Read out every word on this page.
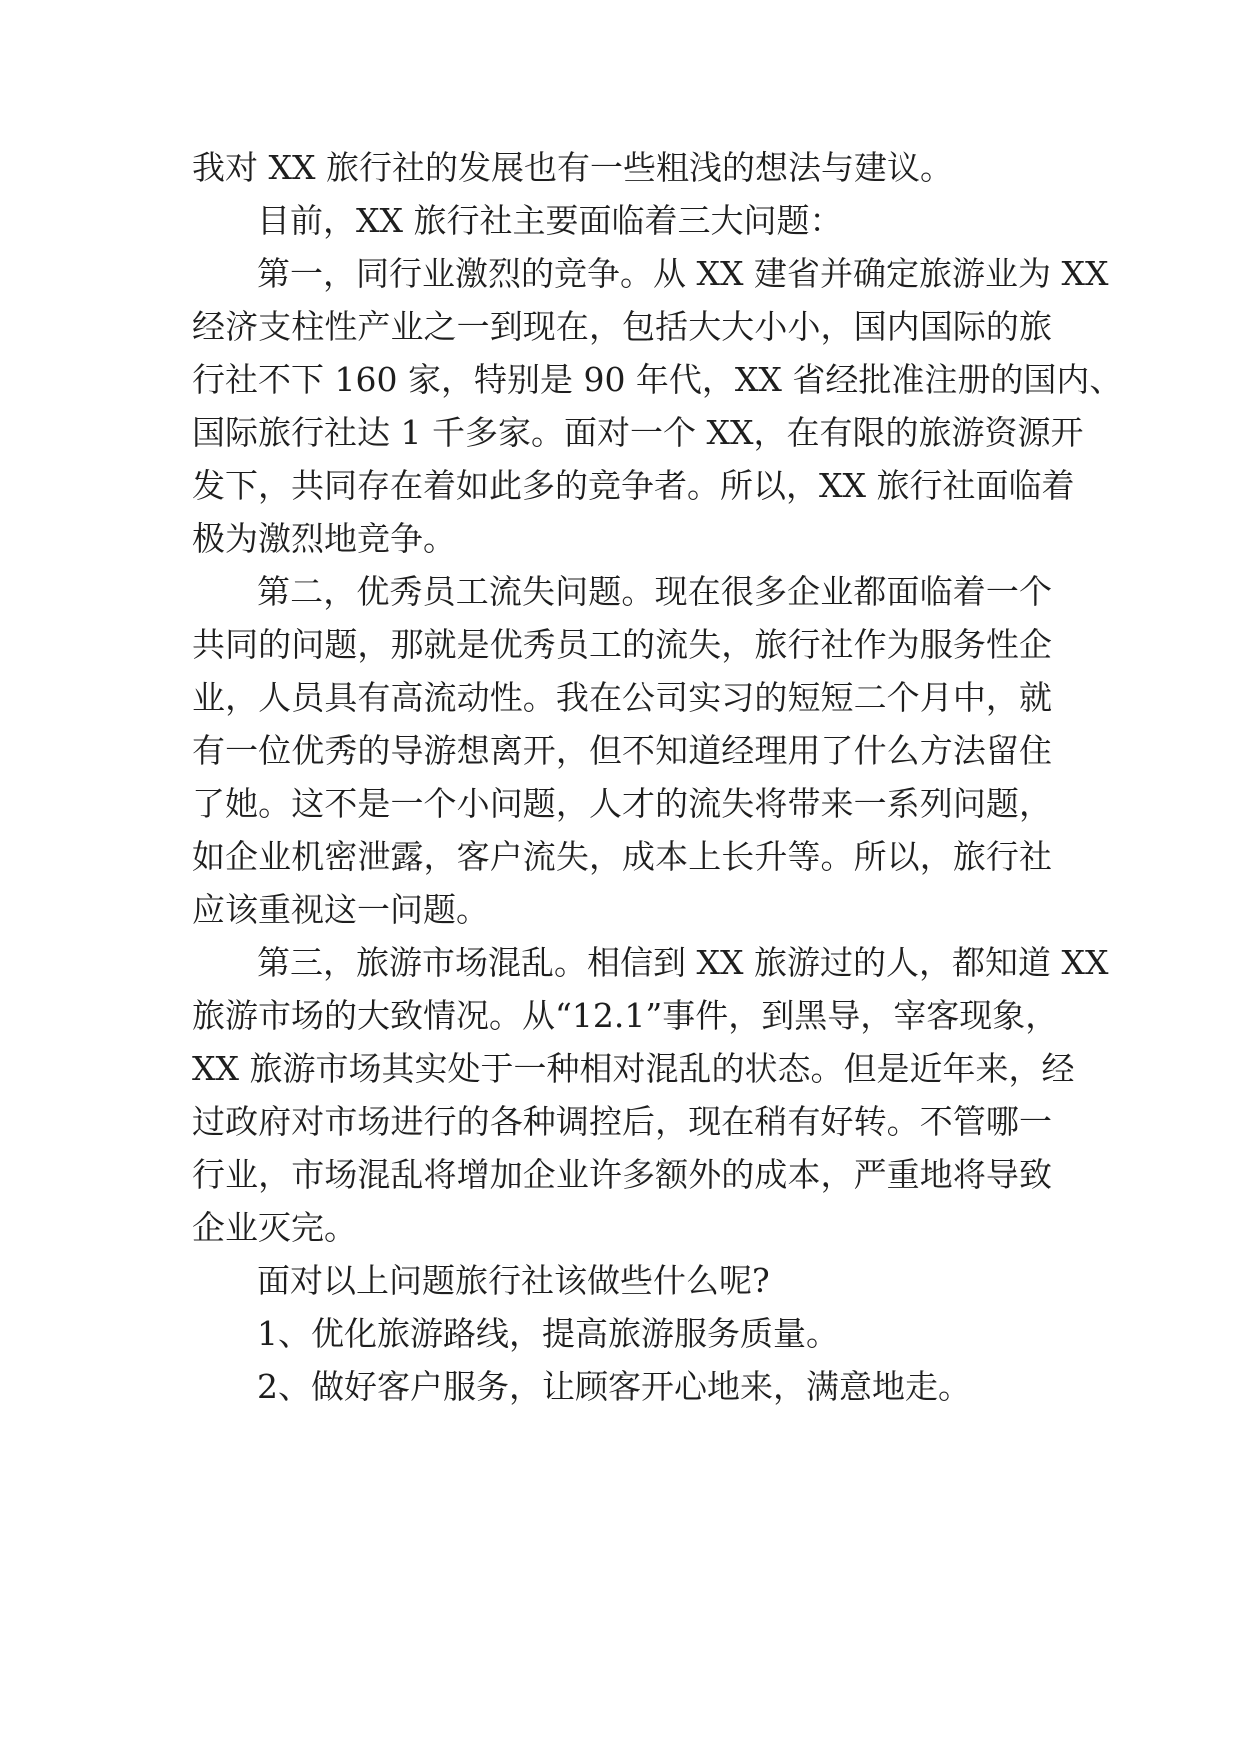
我对 XX 旅行社的发展也有一些粗浅的想法与建议。
目前，XX 旅行社主要面临着三大问题：
第一，同行业激烈的竞争。从 XX 建省并确定旅游业为 XX
经济支柱性产业之一到现在，包括大大小小，国内国际的旅
行社不下 160 家，特别是 90 年代，XX 省经批准注册的国内、
国际旅行社达 1 千多家。面对一个 XX，在有限的旅游资源开
发下，共同存在着如此多的竞争者。所以，XX 旅行社面临着
极为激烈地竞争。
第二，优秀员工流失问题。现在很多企业都面临着一个
共同的问题，那就是优秀员工的流失，旅行社作为服务性企
业，人员具有高流动性。我在公司实习的短短二个月中，就
有一位优秀的导游想离开，但不知道经理用了什么方法留住
了她。这不是一个小问题，人才的流失将带来一系列问题，
如企业机密泄露，客户流失，成本上长升等。所以，旅行社
应该重视这一问题。
第三，旅游市场混乱。相信到 XX 旅游过的人，都知道 XX
旅游市场的大致情况。从“12.1”事件，到黑导，宰客现象，
XX 旅游市场其实处于一种相对混乱的状态。但是近年来，经
过政府对市场进行的各种调控后，现在稍有好转。不管哪一
行业，市场混乱将增加企业许多额外的成本，严重地将导致
企业灭完。
面对以上问题旅行社该做些什么呢?
1、优化旅游路线，提高旅游服务质量。
2、做好客户服务，让顾客开心地来，满意地走。
